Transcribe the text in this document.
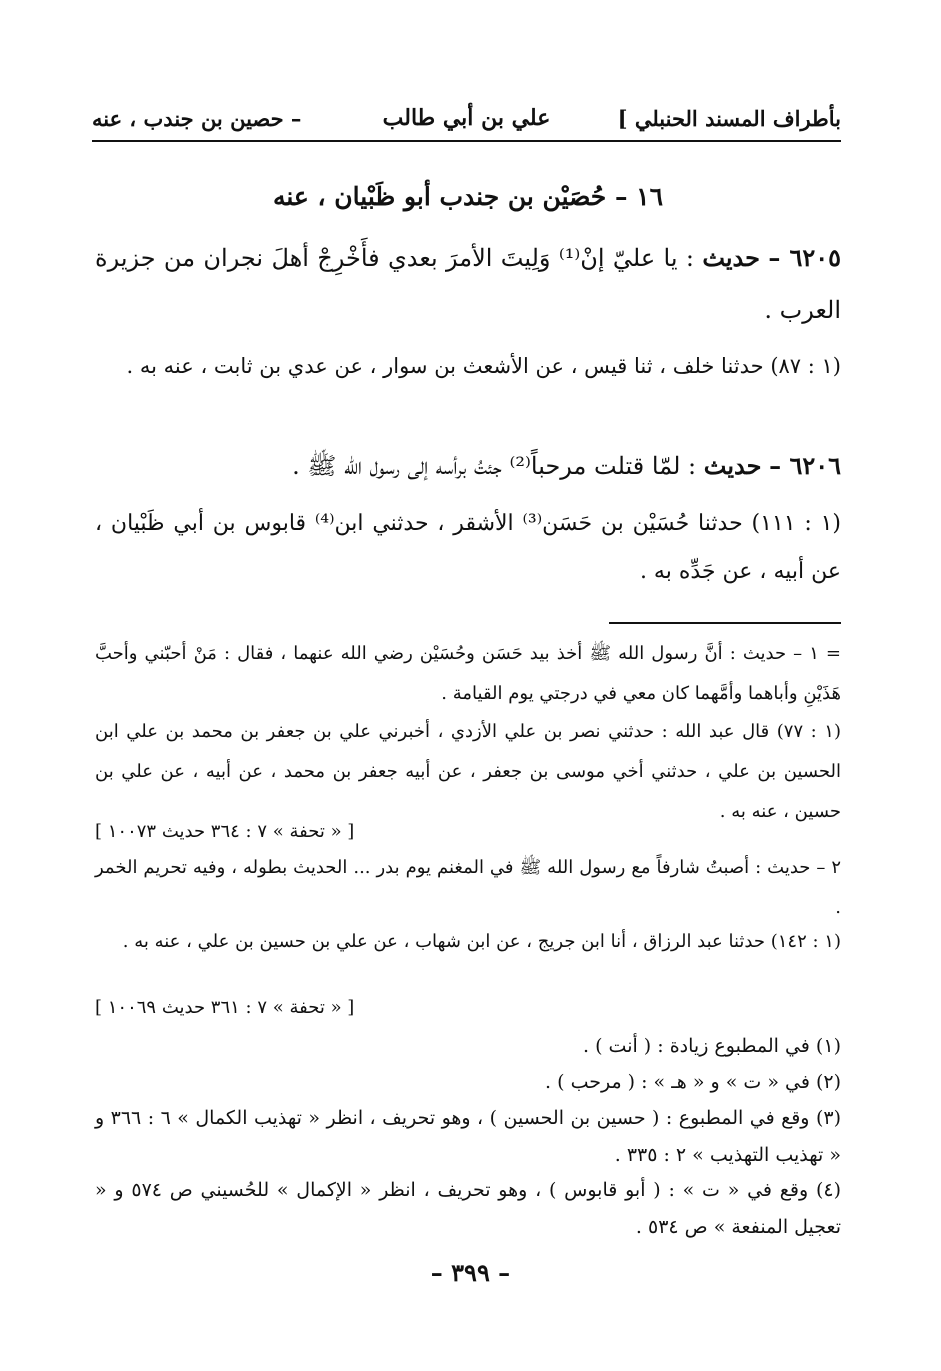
بأطراف المسند الحنبلي ]
علي بن أبي طالب
– حصين بن جندب ، عنه
١٦ – حُصَيْن بن جندب أبو ظَبْيان ، عنه
٦٢٠٥ – حديث : يا عليّ إنْ⁽¹⁾ وَلِيتَ الأمرَ بعدي فأَخْرِجْ أهلَ نجران من جزيرة العرب .
(١ : ٨٧) حدثنا خلف ، ثنا قيس ، عن الأشعث بن سوار ، عن عدي بن ثابت ، عنه به .
٦٢٠٦ – حديث : لمّا قتلت مرحباً⁽²⁾ جئتُ برأسه إلى رسول الله ﷺ .
(١ : ١١١) حدثنا حُسَيْن بن حَسَن⁽³⁾ الأشقر ، حدثني ابن⁽⁴⁾ قابوس بن أبي ظَبْيان ، عن أبيه ، عن جَدِّه به .
= ١ – حديث : أنَّ رسول الله ﷺ أخذ بيد حَسَن وحُسَيْن رضي الله عنهما ، فقال : مَنْ أحبّني وأحبَّ هَذَيْنِ وأباهما وأمَّهما كان معي في درجتي يوم القيامة .
(١ : ٧٧) قال عبد الله : حدثني نصر بن علي الأزدي ، أخبرني علي بن جعفر بن محمد بن علي ابن الحسين بن علي ، حدثني أخي موسى بن جعفر ، عن أبيه جعفر بن محمد ، عن أبيه ، عن علي بن حسين ، عنه به .
[ « تحفة » ٧ : ٣٦٤ حديث ١٠٠٧٣ ]
٢ – حديث : أصبتُ شارفاً مع رسول الله ﷺ في المغنم يوم بدر ... الحديث بطوله ، وفيه تحريم الخمر .
(١ : ١٤٢) حدثنا عبد الرزاق ، أنا ابن جريج ، عن ابن شهاب ، عن علي بن حسين بن علي ، عنه به .
[ « تحفة » ٧ : ٣٦١ حديث ١٠٠٦٩ ]
(١) في المطبوع زيادة : ( أنت ) .
(٢) في « ت » و « هـ » : ( مرحب ) .
(٣) وقع في المطبوع : ( حسين بن الحسين ) ، وهو تحريف ، انظر « تهذيب الكمال » ٦ : ٣٦٦ و « تهذيب التهذيب » ٢ : ٣٣٥ .
(٤) وقع في « ت » : ( أبو قابوس ) ، وهو تحريف ، انظر « الإكمال » للحُسيني ص ٥٧٤ و « تعجيل المنفعة » ص ٥٣٤ .
– ٣٩٩ –
